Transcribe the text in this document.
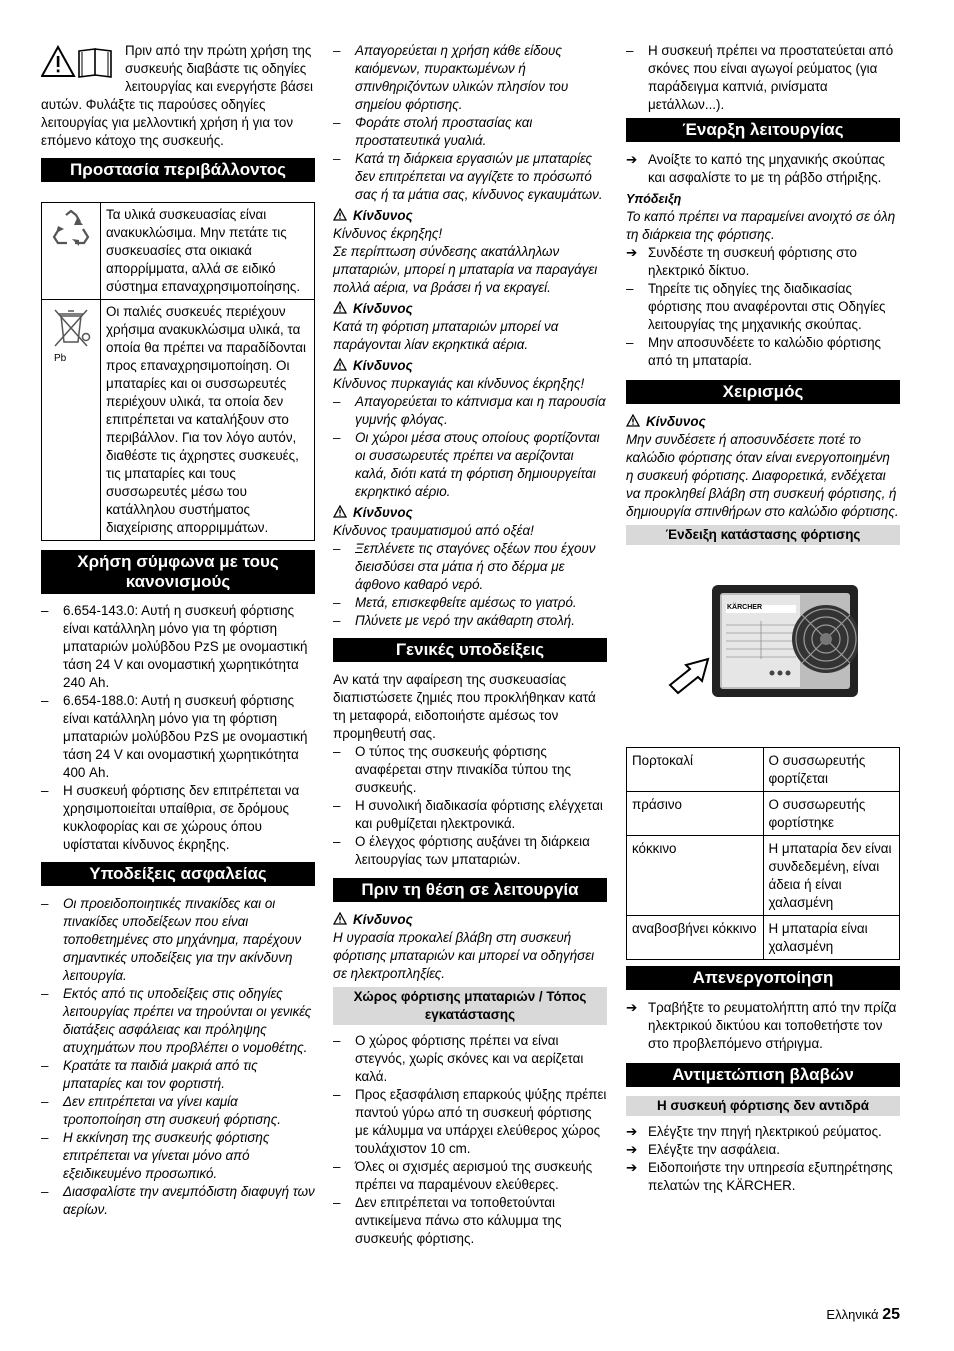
Πριν από την πρώτη χρήση της συσκευής διαβάστε τις οδηγίες λειτουργίας και ενεργήστε βάσει αυτών. Φυλάξτε τις παρούσες οδηγίες λειτουργίας για μελλοντική χρήση ή για τον επόμενο κάτοχο της συσκευής.

Προστασία περιβάλλοντος
	Τα υλικά συσκευασίας είναι ανακυκλώσιμα. Μην πετάτε τις συσκευασίες στα οικιακά απορρίμματα, αλλά σε ειδικό σύστημα επαναχρησιμοποίησης.

Pb	Οι παλιές συσκευές περιέχουν χρήσιμα ανακυκλώσιμα υλικά, τα οποία θα πρέπει να παραδίδονται προς επαναχρησιμοποίηση. Οι μπαταρίες και οι συσσωρευτές περιέχουν υλικά, τα οποία δεν επιτρέπεται να καταλήξουν στο περιβάλλον. Για τον λόγο αυτόν, διαθέστε τις άχρηστες συσκευές, τις μπαταρίες και τους συσσωρευτές μέσω του κατάλληλου συστήματος διαχείρισης απορριμμάτων.
Χρήση σύμφωνα με τους κανονισμούς
– 6.654-143.0: Αυτή η συσκευή φόρτισης είναι κατάλληλη μόνο για τη φόρτιση μπαταριών μολύβδου PzS με ονομαστική τάση 24 V και ονομαστική χωρητικότητα 240 Ah.
– 6.654-188.0: Αυτή η συσκευή φόρτισης είναι κατάλληλη μόνο για τη φόρτιση μπαταριών μολύβδου PzS με ονομαστική τάση 24 V και ονομαστική χωρητικότητα 400 Ah.
– Η συσκευή φόρτισης δεν επιτρέπεται να χρησιμοποιείται υπαίθρια, σε δρόμους κυκλοφορίας και σε χώρους όπου υφίσταται κίνδυνος έκρηξης.
Υποδείξεις ασφαλείας
– Οι προειδοποιητικές πινακίδες και οι πινακίδες υποδείξεων που είναι τοποθετημένες στο μηχάνημα, παρέχουν σημαντικές υποδείξεις για την ακίνδυνη λειτουργία.
– Εκτός από τις υποδείξεις στις οδηγίες λειτουργίας πρέπει να τηρούνται οι γενικές διατάξεις ασφάλειας και πρόληψης ατυχημάτων που προβλέπει ο νομοθέτης.
– Κρατάτε τα παιδιά μακριά από τις μπαταρίες και τον φορτιστή.
– Δεν επιτρέπεται να γίνει καμία τροποποίηση στη συσκευή φόρτισης.
– Η εκκίνηση της συσκευής φόρτισης επιτρέπεται να γίνεται μόνο από εξειδικευμένο προσωπικό.
– Διασφαλίστε την ανεμπόδιστη διαφυγή των αερίων.
– Απαγορεύεται η χρήση κάθε είδους καιόμενων, πυρακτωμένων ή σπινθηριζόντων υλικών πλησίον του σημείου φόρτισης.
– Φοράτε στολή προστασίας και προστατευτικά γυαλιά.
– Κατά τη διάρκεια εργασιών με μπαταρίες δεν επιτρέπεται να αγγίζετε το πρόσωπό σας ή τα μάτια σας, κίνδυνος εγκαυμάτων.
Κίνδυνος

Κίνδυνος έκρηξης!

Σε περίπτωση σύνδεσης ακατάλληλων μπαταριών, μπορεί η μπαταρία να παραγάγει πολλά αέρια, να βράσει ή να εκραγεί.

Κίνδυνος

Κατά τη φόρτιση μπαταριών μπορεί να παράγονται λίαν εκρηκτικά αέρια.

Κίνδυνος

Κίνδυνος πυρκαγιάς και κίνδυνος έκρηξης!

– Απαγορεύεται το κάπνισμα και η παρουσία γυμνής φλόγας.
– Οι χώροι μέσα στους οποίους φορτίζονται οι συσσωρευτές πρέπει να αερίζονται καλά, διότι κατά τη φόρτιση δημιουργείται εκρηκτικό αέριο.
Κίνδυνος

Κίνδυνος τραυματισμού από οξέα!

– Ξεπλένετε τις σταγόνες οξέων που έχουν διεισδύσει στα μάτια ή στο δέρμα με άφθονο καθαρό νερό.
– Μετά, επισκεφθείτε αμέσως το γιατρό.
– Πλύνετε με νερό την ακάθαρτη στολή.
Γενικές υποδείξεις

Αν κατά την αφαίρεση της συσκευασίας διαπιστώσετε ζημιές που προκλήθηκαν κατά τη μεταφορά, ειδοποιήστε αμέσως τον προμηθευτή σας.

– Ο τύπος της συσκευής φόρτισης αναφέρεται στην πινακίδα τύπου της συσκευής.
– Η συνολική διαδικασία φόρτισης ελέγχεται και ρυθμίζεται ηλεκτρονικά.
– Ο έλεγχος φόρτισης αυξάνει τη διάρκεια λειτουργίας των μπαταριών.
Πριν τη θέση σε λειτουργία
Κίνδυνος

Η υγρασία προκαλεί βλάβη στη συσκευή φόρτισης μπαταριών και μπορεί να οδηγήσει σε ηλεκτροπληξίες.

Χώρος φόρτισης μπαταριών / Τόπος εγκατάστασης
– Ο χώρος φόρτισης πρέπει να είναι στεγνός, χωρίς σκόνες και να αερίζεται καλά.
– Προς εξασφάλιση επαρκούς ψύξης πρέπει παντού γύρω από τη συσκευή φόρτισης με κάλυμμα να υπάρχει ελεύθερος χώρος τουλάχιστον 10 cm.
– Όλες οι σχισμές αερισμού της συσκευής πρέπει να παραμένουν ελεύθερες.
– Δεν επιτρέπεται να τοποθετούνται αντικείμενα πάνω στο κάλυμμα της συσκευής φόρτισης.
– Η συσκευή πρέπει να προστατεύεται από σκόνες που είναι αγωγοί ρεύματος (για παράδειγμα καπνιά, ρινίσματα μετάλλων...).
Έναρξη λειτουργίας
➔ Ανοίξτε το καπό της μηχανικής σκούπας και ασφαλίστε το με τη ράβδο στήριξης.

Υπόδειξη

Το καπό πρέπει να παραμείνει ανοιχτό σε όλη τη διάρκεια της φόρτισης.

➔ Συνδέστε τη συσκευή φόρτισης στο ηλεκτρικό δίκτυο.
– Τηρείτε τις οδηγίες της διαδικασίας φόρτισης που αναφέρονται στις Οδηγίες λειτουργίας της μηχανικής σκούπας.
– Μην αποσυνδέετε το καλώδιο φόρτισης από τη μπαταρία.
Χειρισμός
Κίνδυνος

Μην συνδέσετε ή αποσυνδέσετε ποτέ το καλώδιο φόρτισης όταν είναι ενεργοποιημένη η συσκευή φόρτισης. Διαφορετικά, ενδέχεται να προκληθεί βλάβη στη συσκευή φόρτισης, ή δημιουργία σπινθήρων στο καλώδιο φόρτισης.

Ένδειξη κατάστασης φόρτισης
KÄRCHER
Πορτοκαλί	Ο συσσωρευτής φορτίζεται
πράσινο	Ο συσσωρευτής φορτίστηκε
κόκκινο	Η μπαταρία δεν είναι συνδεδεμένη, είναι άδεια ή είναι χαλασμένη
αναβοσβήνει κόκκινο	Η μπαταρία είναι χαλασμένη
Απενεργοποίηση
➔ Τραβήξτε το ρευματολήπτη από την πρίζα ηλεκτρικού δικτύου και τοποθετήστε τον στο προβλεπόμενο στήριγμα.
Αντιμετώπιση βλαβών
Η συσκευή φόρτισης δεν αντιδρά
➔ Ελέγξτε την πηγή ηλεκτρικού ρεύματος.
➔ Ελέγξτε την ασφάλεια.
➔ Ειδοποιήστε την υπηρεσία εξυπηρέτησης πελατών της KÄRCHER.
Ελληνικά 25
